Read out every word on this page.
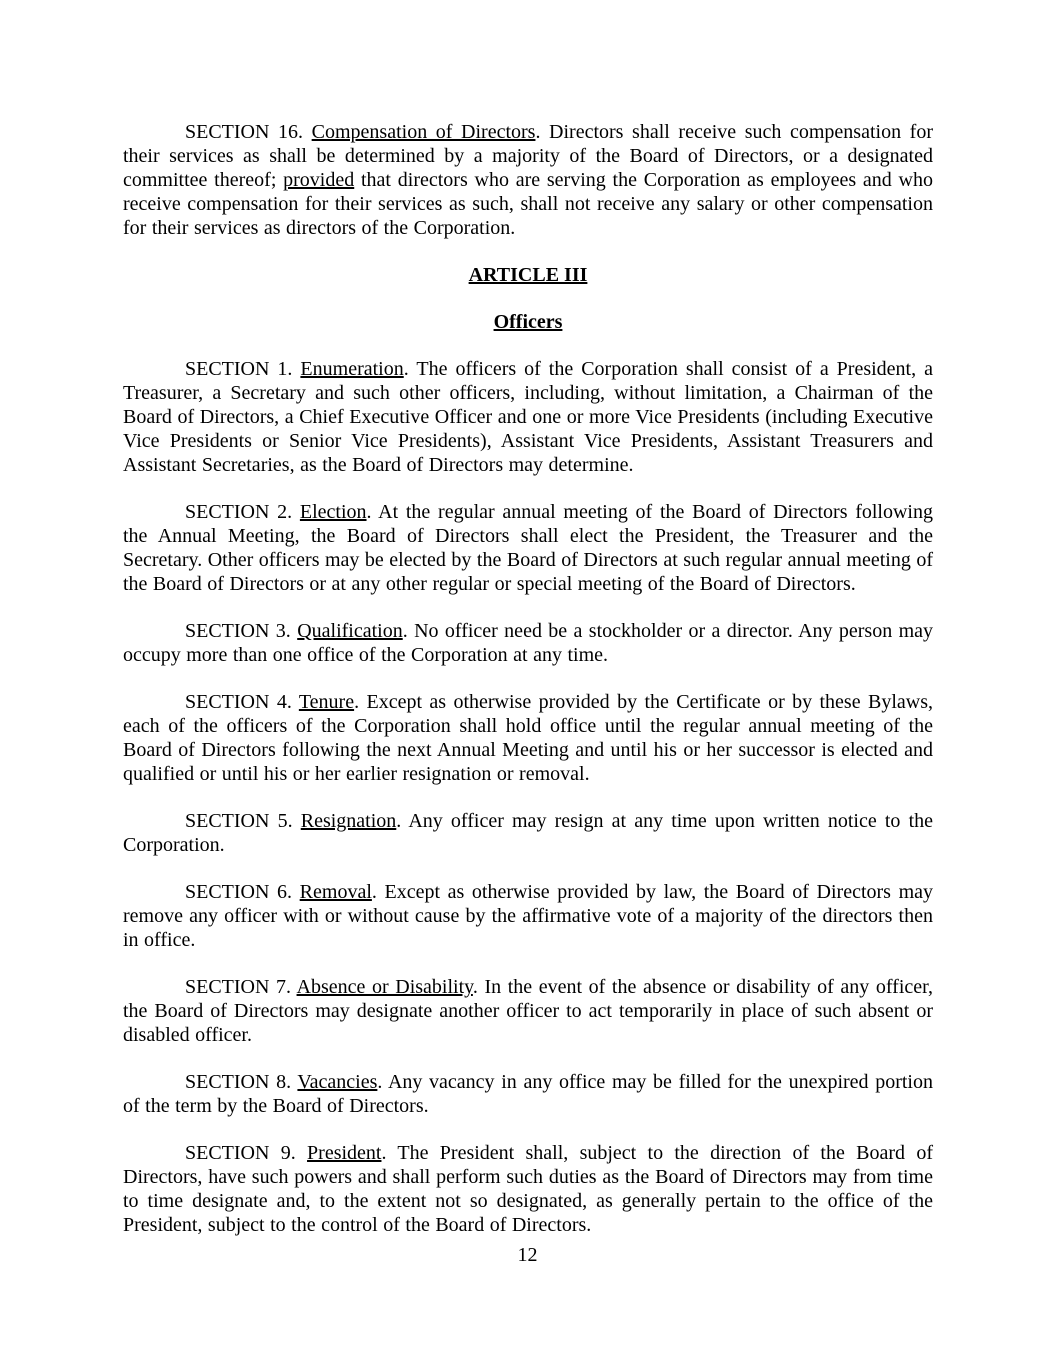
SECTION 16. Compensation of Directors. Directors shall receive such compensation for their services as shall be determined by a majority of the Board of Directors, or a designated committee thereof; provided that directors who are serving the Corporation as employees and who receive compensation for their services as such, shall not receive any salary or other compensation for their services as directors of the Corporation.

ARTICLE III
Officers

SECTION 1. Enumeration. The officers of the Corporation shall consist of a President, a Treasurer, a Secretary and such other officers, including, without limitation, a Chairman of the Board of Directors, a Chief Executive Officer and one or more Vice Presidents (including Executive Vice Presidents or Senior Vice Presidents), Assistant Vice Presidents, Assistant Treasurers and Assistant Secretaries, as the Board of Directors may determine.

SECTION 2. Election. At the regular annual meeting of the Board of Directors following the Annual Meeting, the Board of Directors shall elect the President, the Treasurer and the Secretary. Other officers may be elected by the Board of Directors at such regular annual meeting of the Board of Directors or at any other regular or special meeting of the Board of Directors.

SECTION 3. Qualification. No officer need be a stockholder or a director. Any person may occupy more than one office of the Corporation at any time.

SECTION 4. Tenure. Except as otherwise provided by the Certificate or by these Bylaws, each of the officers of the Corporation shall hold office until the regular annual meeting of the Board of Directors following the next Annual Meeting and until his or her successor is elected and qualified or until his or her earlier resignation or removal.

SECTION 5. Resignation. Any officer may resign at any time upon written notice to the Corporation.

SECTION 6. Removal. Except as otherwise provided by law, the Board of Directors may remove any officer with or without cause by the affirmative vote of a majority of the directors then in office.

SECTION 7. Absence or Disability. In the event of the absence or disability of any officer, the Board of Directors may designate another officer to act temporarily in place of such absent or disabled officer.

SECTION 8. Vacancies. Any vacancy in any office may be filled for the unexpired portion of the term by the Board of Directors.

SECTION 9. President. The President shall, subject to the direction of the Board of Directors, have such powers and shall perform such duties as the Board of Directors may from time to time designate and, to the extent not so designated, as generally pertain to the office of the President, subject to the control of the Board of Directors.

12
